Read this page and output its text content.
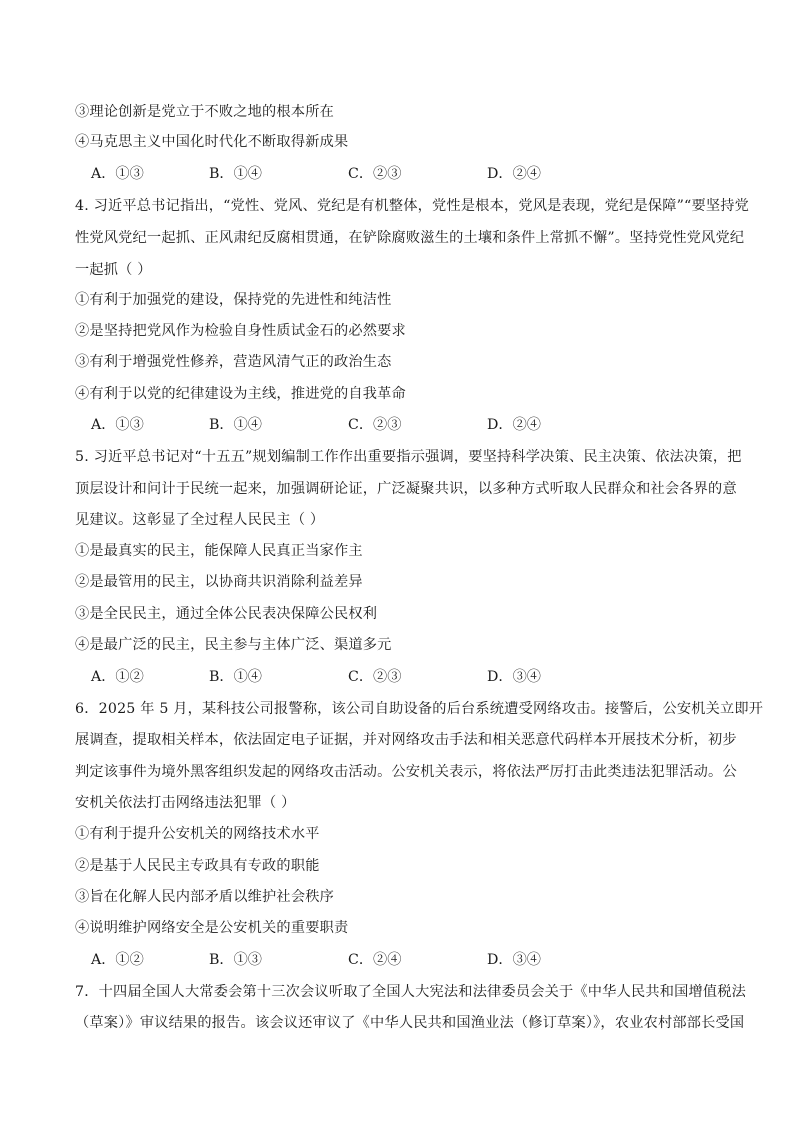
③理论创新是党立于不败之地的根本所在
④马克思主义中国化时代化不断取得新成果
A．①③	B．①④	C．②③	D．②④
4. 习近平总书记指出，“党性、党风、党纪是有机整体，党性是根本，党风是表现，党纪是保障”“要坚持党
性党风党纪一起抓、正风肃纪反腐相贯通，在铲除腐败滋生的土壤和条件上常抓不懈”。坚持党性党风党纪
一起抓（ ）
①有利于加强党的建设，保持党的先进性和纯洁性
②是坚持把党风作为检验自身性质试金石的必然要求
③有利于增强党性修养，营造风清气正的政治生态
④有利于以党的纪律建设为主线，推进党的自我革命
A．①③	B．①④	C．②③	D．②④
5. 习近平总书记对“十五五”规划编制工作作出重要指示强调，要坚持科学决策、民主决策、依法决策，把
顶层设计和问计于民统一起来，加强调研论证，广泛凝聚共识，以多种方式听取人民群众和社会各界的意
见建议。这彰显了全过程人民民主（ ）
①是最真实的民主，能保障人民真正当家作主
②是最管用的民主，以协商共识消除利益差异
③是全民民主，通过全体公民表决保障公民权利
④是最广泛的民主，民主参与主体广泛、渠道多元
A．①②	B．①④	C．②③	D．③④
6．2025 年 5 月，某科技公司报警称，该公司自助设备的后台系统遭受网络攻击。接警后，公安机关立即开
展调查，提取相关样本，依法固定电子证据，并对网络攻击手法和相关恶意代码样本开展技术分析，初步
判定该事件为境外黑客组织发起的网络攻击活动。公安机关表示，将依法严厉打击此类违法犯罪活动。公
安机关依法打击网络违法犯罪（ ）
①有利于提升公安机关的网络技术水平
②是基于人民民主专政具有专政的职能
③旨在化解人民内部矛盾以维护社会秩序
④说明维护网络安全是公安机关的重要职责
A．①②	B．①③	C．②④	D．③④
7．十四届全国人大常委会第十三次会议听取了全国人大宪法和法律委员会关于《中华人民共和国增值税法
（草案）》审议结果的报告。该会议还审议了《中华人民共和国渔业法（修订草案）》，农业农村部部长受国
